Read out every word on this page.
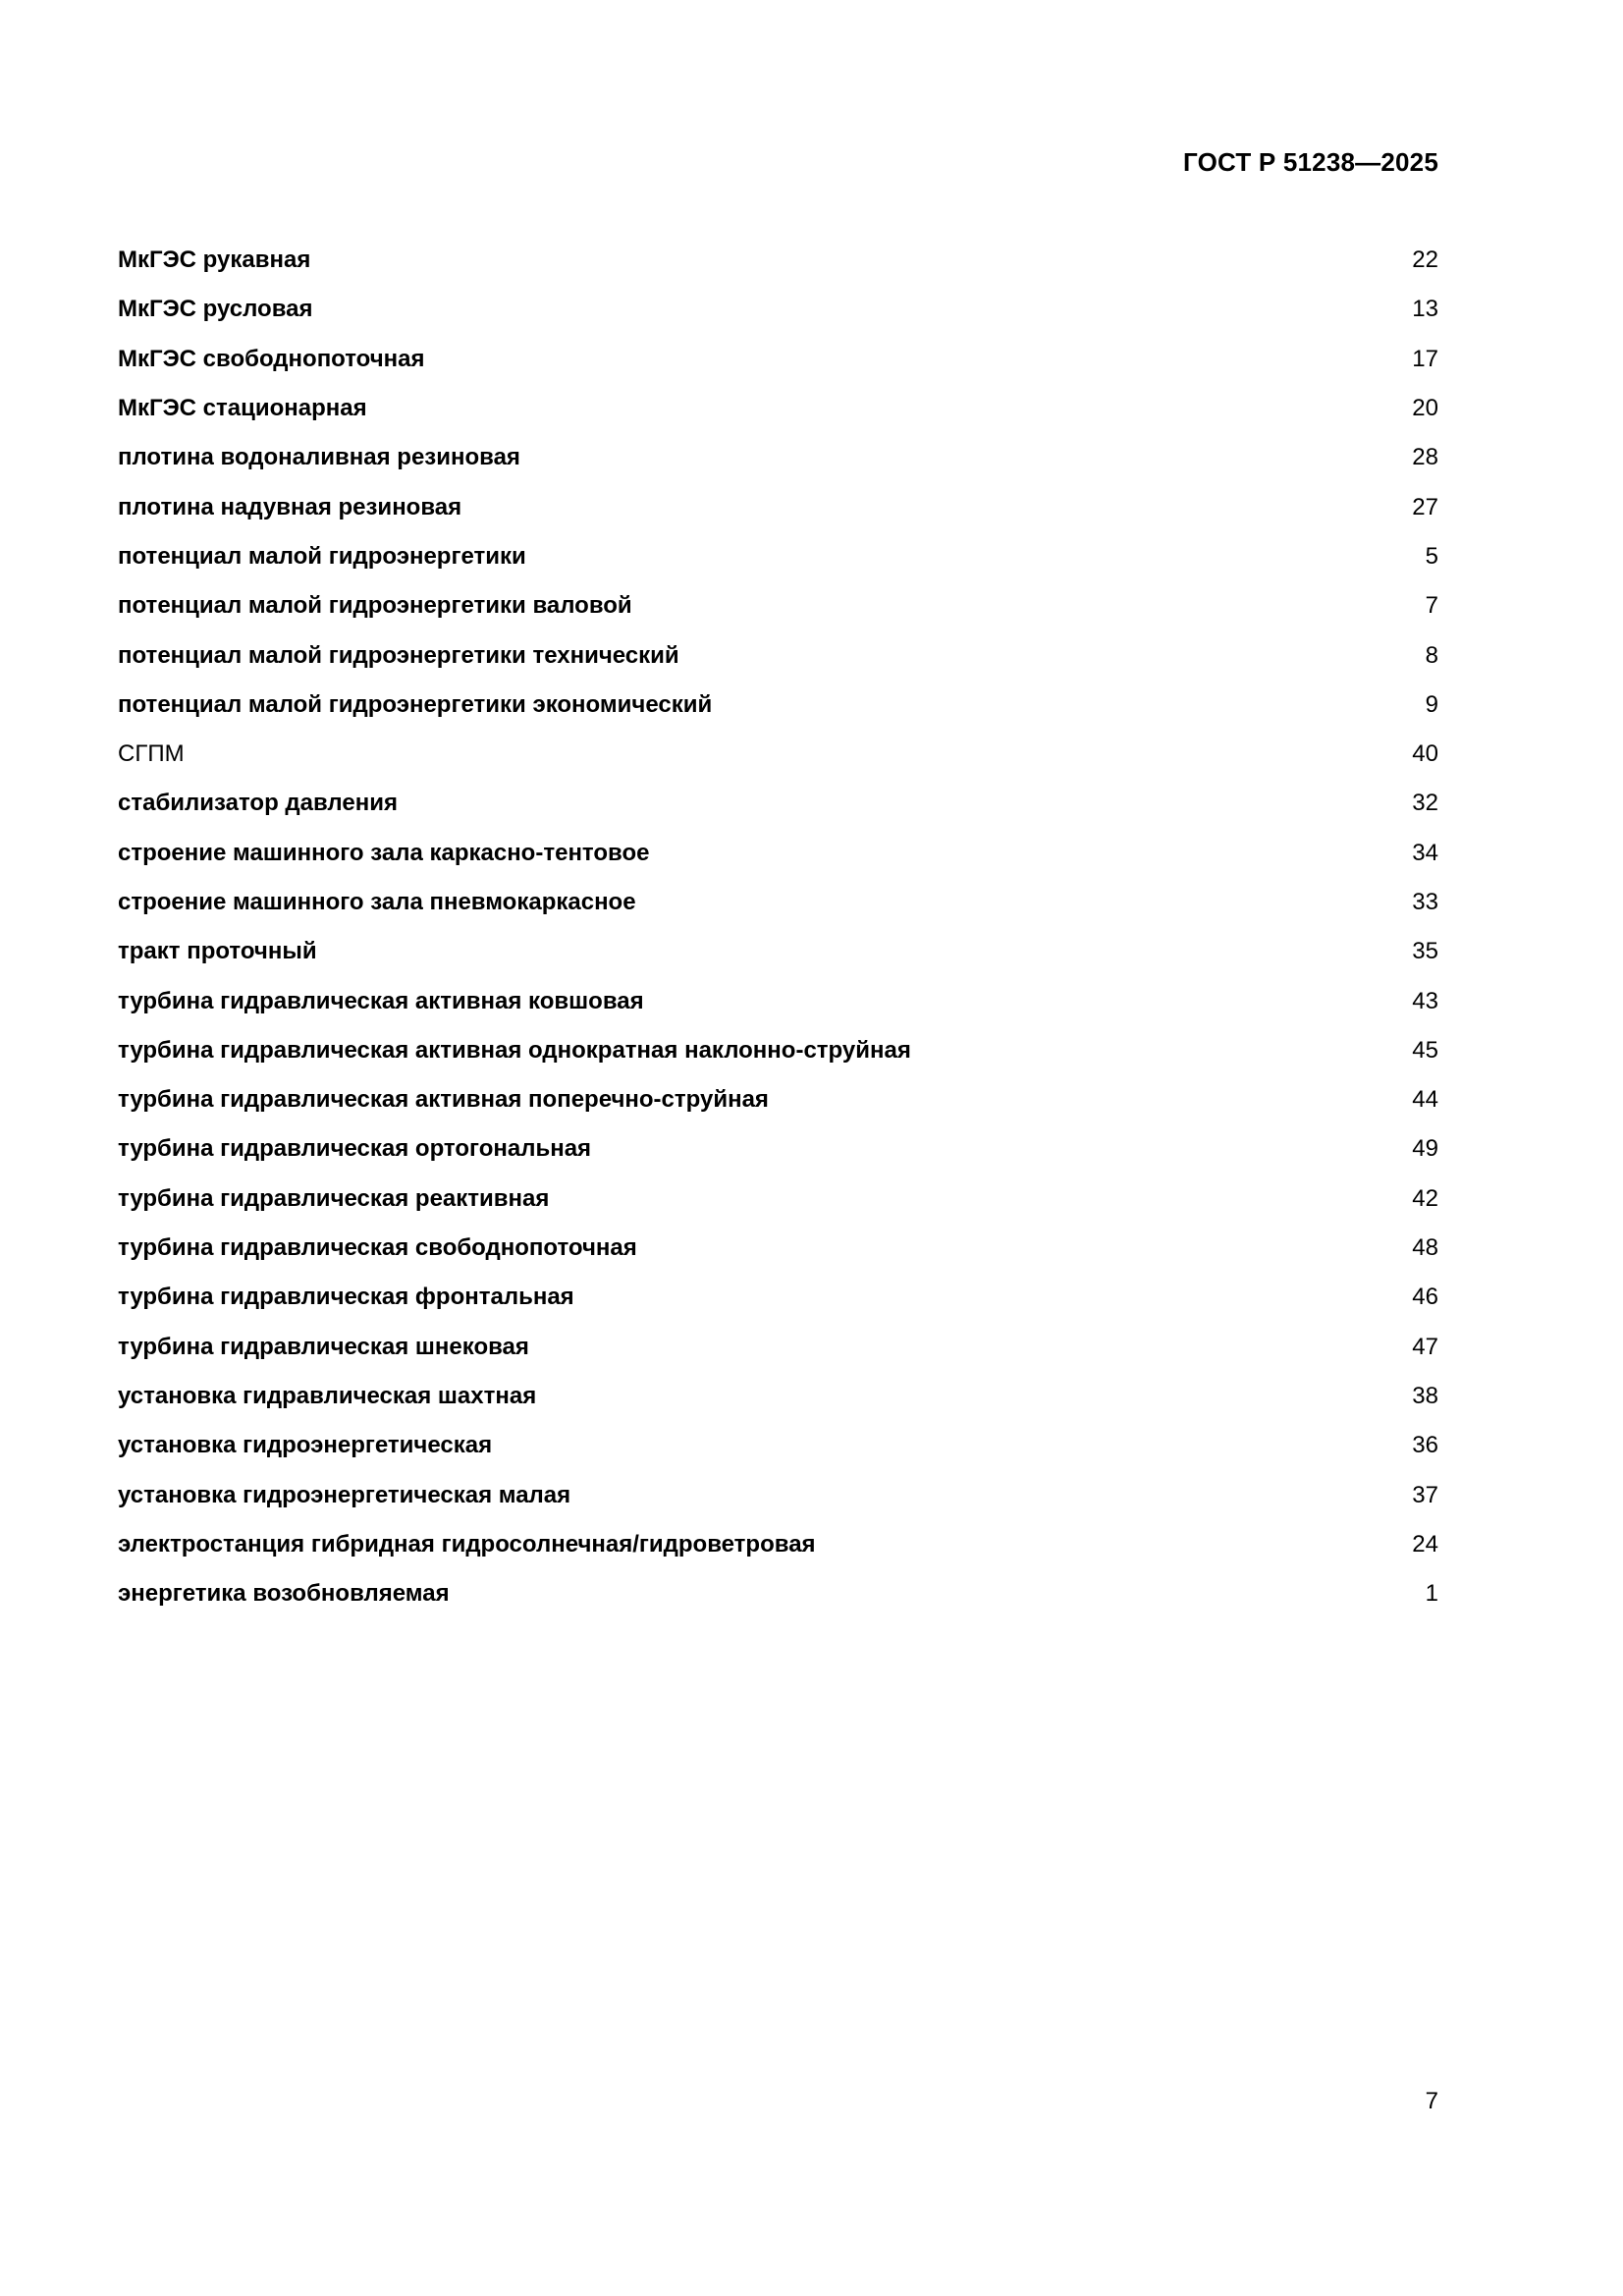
ГОСТ Р 51238—2025
МкГЭС рукавная	22
МкГЭС русловая	13
МкГЭС свободнопоточная	17
МкГЭС стационарная	20
плотина водоналивная резиновая	28
плотина надувная резиновая	27
потенциал малой гидроэнергетики	5
потенциал малой гидроэнергетики валовой	7
потенциал малой гидроэнергетики технический	8
потенциал малой гидроэнергетики экономический	9
СГПМ	40
стабилизатор давления	32
строение машинного зала каркасно-тентовое	34
строение машинного зала пневмокаркасное	33
тракт проточный	35
турбина гидравлическая активная ковшовая	43
турбина гидравлическая активная однократная наклонно-струйная	45
турбина гидравлическая активная поперечно-струйная	44
турбина гидравлическая ортогональная	49
турбина гидравлическая реактивная	42
турбина гидравлическая свободнопоточная	48
турбина гидравлическая фронтальная	46
турбина гидравлическая шнековая	47
установка гидравлическая шахтная	38
установка гидроэнергетическая	36
установка гидроэнергетическая малая	37
электростанция гибридная гидросолнечная/гидроветровая	24
энергетика возобновляемая	1
7
